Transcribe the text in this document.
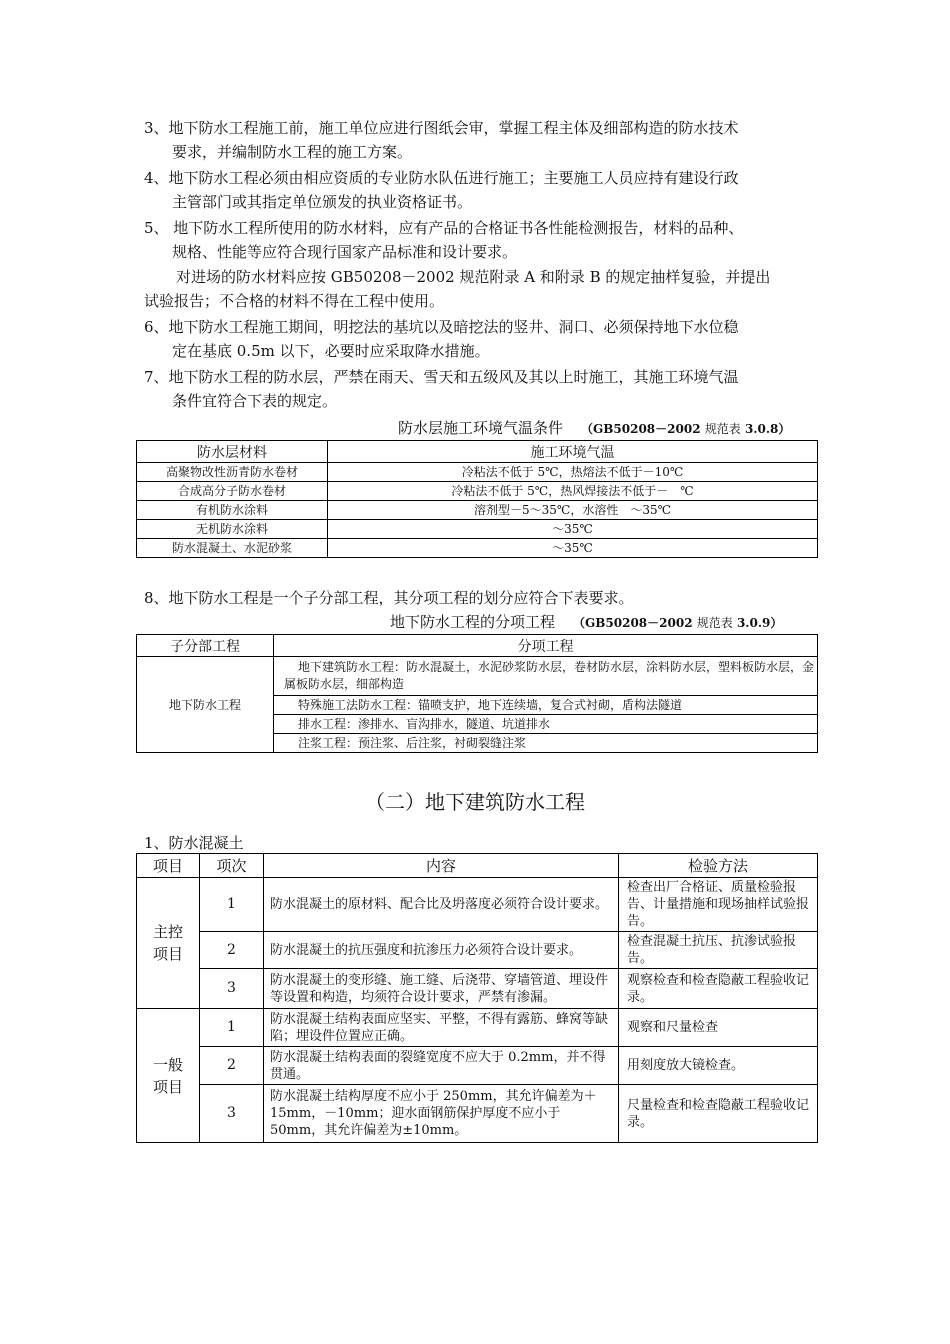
3、地下防水工程施工前，施工单位应进行图纸会审，掌握工程主体及细部构造的防水技术
要求，并编制防水工程的施工方案。
4、地下防水工程必须由相应资质的专业防水队伍进行施工；主要施工人员应持有建设行政
主管部门或其指定单位颁发的执业资格证书。
5、 地下防水工程所使用的防水材料，应有产品的合格证书各性能检测报告，材料的品种、
规格、性能等应符合现行国家产品标准和设计要求。
对进场的防水材料应按 GB50208－2002 规范附录 A 和附录 B 的规定抽样复验，并提出
试验报告；不合格的材料不得在工程中使用。
6、地下防水工程施工期间，明挖法的基坑以及暗挖法的竖井、洞口、必须保持地下水位稳
定在基底 0.5m 以下，必要时应采取降水措施。
7、地下防水工程的防水层，严禁在雨天、雪天和五级风及其以上时施工，其施工环境气温
条件宜符合下表的规定。
防水层施工环境气温条件 （GB50208－2002 规范表 3.0.8）
防水层材料	施工环境气温
高聚物改性沥青防水卷材	冷粘法不低于 5℃，热熔法不低于－10℃
合成高分子防水卷材	冷粘法不低于 5℃，热风焊接法不低于－　℃
有机防水涂料	溶剂型－5～35℃，水溶性　～35℃
无机防水涂料	～35℃
防水混凝土、水泥砂浆	～35℃
8、地下防水工程是一个子分部工程，其分项工程的划分应符合下表要求。
地下防水工程的分项工程 （GB50208－2002 规范表 3.0.9）
子分部工程	分项工程
地下防水工程	地下建筑防水工程：防水混凝土，水泥砂浆防水层，卷材防水层，涂料防水层，塑料板防水层，金属板防水层，细部构造
	特殊施工法防水工程：锚喷支护，地下连续墙，复合式衬砌，盾构法隧道
	排水工程：渗排水、盲沟排水，隧道、坑道排水
	注浆工程：预注浆、后注浆，衬砌裂缝注浆
（二）地下建筑防水工程
1、防水混凝土
项目	项次	内容	检验方法

主控
项目	1	防水混凝土的原材料、配合比及坍落度必须符合设计要求。	检查出厂合格证、质量检验报告、计量措施和现场抽样试验报告。
	2	防水混凝土的抗压强度和抗渗压力必须符合设计要求。	检查混凝土抗压、抗渗试验报告。
	3	防水混凝土的变形缝、施工缝、后浇带、穿墙管道、埋设件等设置和构造，均须符合设计要求，严禁有渗漏。	观察检查和检查隐蔽工程验收记录。

一般
项目	1	防水混凝土结构表面应坚实、平整，不得有露筋、蜂窝等缺陷；埋设件位置应正确。	观察和尺量检查
	2	防水混凝土结构表面的裂缝宽度不应大于 0.2mm，并不得贯通。	用刻度放大镜检查。
	3	防水混凝土结构厚度不应小于 250mm，其允许偏差为＋15mm，－10mm；迎水面钢筋保护厚度不应小于 50mm，其允许偏差为±10mm。	尺量检查和检查隐蔽工程验收记录。
